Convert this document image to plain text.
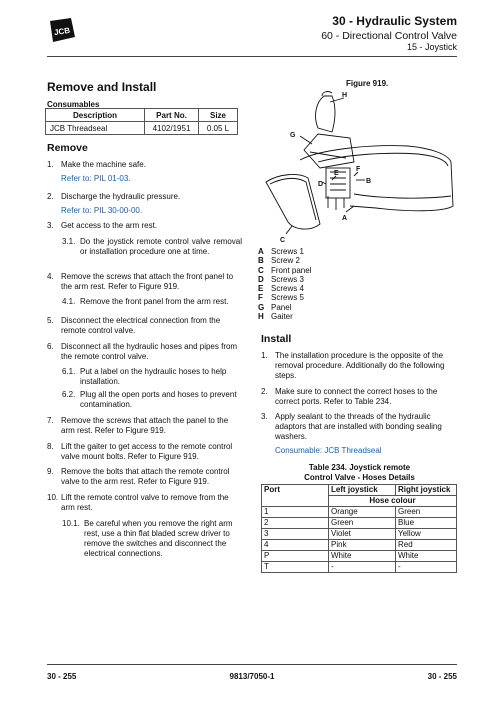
JCB
30 - Hydraulic System
60 - Directional Control Valve
15 - Joystick
Remove and Install
Consumables
Description	Part No.	Size
JCB Threadseal	4102/1951	0.05 L
Remove
1. Make the machine safe.
Refer to: PIL 01-03.
2. Discharge the hydraulic pressure.
Refer to: PIL 30-00-00.
3. Get access to the arm rest.
3.1. Do the joystick remote control valve removal or installation procedure one at time.
4. Remove the screws that attach the front panel to the arm rest. Refer to Figure 919.
4.1. Remove the front panel from the arm rest.
5. Disconnect the electrical connection from the remote control valve.
6. Disconnect all the hydraulic hoses and pipes from the remote control valve.
6.1. Put a label on the hydraulic hoses to help installation.
6.2. Plug all the open ports and hoses to prevent contamination.
7. Remove the screws that attach the panel to the arm rest. Refer to Figure 919.
8. Lift the gaiter to get access to the remote control valve mount bolts. Refer to Figure 919.
9. Remove the bolts that attach the remote control valve to the arm rest. Refer to Figure 919.
10. Lift the remote control valve to remove from the arm rest.
10.1. Be careful when you remove the right arm rest, use a thin flat bladed screw driver to remove the switches and disconnect the electrical connections.
Figure 919.
H
G
D
E
F
B
A
C
A Screws 1
B Screw 2
C Front panel
D Screws 3
E Screws 4
F Screws 5
G Panel
H Gaiter
Install
1. The installation procedure is the opposite of the removal procedure. Additionally do the following steps.
2. Make sure to connect the correct hoses to the correct ports. Refer to Table 234.
3. Apply sealant to the threads of the hydraulic adaptors that are installed with bonding sealing washers.
Consumable: JCB Threadseal
Table 234. Joystick remote
Control Valve - Hoses Details
Port	Left joystick	Right joystick
	Hose colour	
1	Orange	Green
2	Green	Blue
3	Violet	Yellow
4	Pink	Red
P	White	White
T	-	-
30 - 255	9813/7050-1	30 - 255
